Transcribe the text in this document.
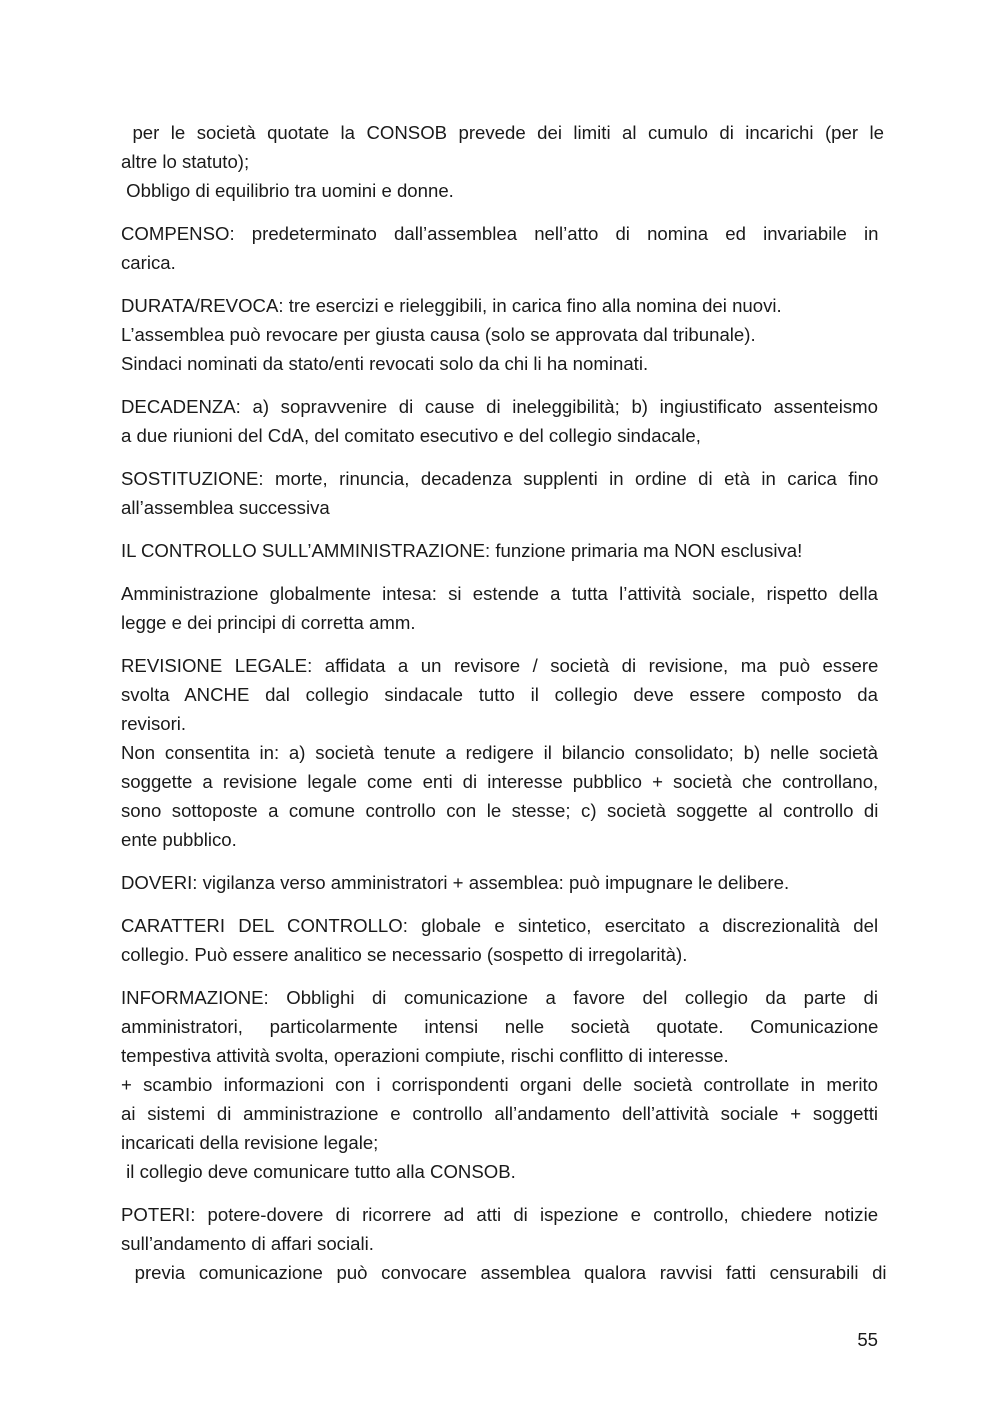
per le società quotate la CONSOB prevede dei limiti al cumulo di incarichi (per le
altre lo statuto);
Obbligo di equilibrio tra uomini e donne.
COMPENSO: predeterminato dall’assemblea nell’atto di nomina ed invariabile in
carica.
DURATA/REVOCA: tre esercizi e rieleggibili, in carica fino alla nomina dei nuovi.
L’assemblea può revocare per giusta causa (solo se approvata dal tribunale).
Sindaci nominati da stato/enti revocati solo da chi li ha nominati.
DECADENZA: a) sopravvenire di cause di ineleggibilità; b) ingiustificato assenteismo
a due riunioni del CdA, del comitato esecutivo e del collegio sindacale,
SOSTITUZIONE: morte, rinuncia, decadenza supplenti in ordine di età in carica fino
all’assemblea successiva
IL CONTROLLO SULL’AMMINISTRAZIONE: funzione primaria ma NON esclusiva!
Amministrazione globalmente intesa: si estende a tutta l’attività sociale, rispetto della
legge e dei principi di corretta amm.
REVISIONE LEGALE: affidata a un revisore / società di revisione, ma può essere
svolta ANCHE dal collegio sindacale tutto il collegio deve essere composto da
revisori.
Non consentita in: a) società tenute a redigere il bilancio consolidato; b) nelle società
soggette a revisione legale come enti di interesse pubblico + società che controllano,
sono sottoposte a comune controllo con le stesse; c) società soggette al controllo di
ente pubblico.
DOVERI: vigilanza verso amministratori + assemblea: può impugnare le delibere.
CARATTERI DEL CONTROLLO: globale e sintetico, esercitato a discrezionalità del
collegio. Può essere analitico se necessario (sospetto di irregolarità).
INFORMAZIONE: Obblighi di comunicazione a favore del collegio da parte di
amministratori, particolarmente intensi nelle società quotate. Comunicazione
tempestiva attività svolta, operazioni compiute, rischi conflitto di interesse.
+ scambio informazioni con i corrispondenti organi delle società controllate in merito
ai sistemi di amministrazione e controllo all’andamento dell’attività sociale + soggetti
incaricati della revisione legale;
il collegio deve comunicare tutto alla CONSOB.
POTERI: potere-dovere di ricorrere ad atti di ispezione e controllo, chiedere notizie
sull’andamento di affari sociali.
previa comunicazione può convocare assemblea qualora ravvisi fatti censurabili di
55
